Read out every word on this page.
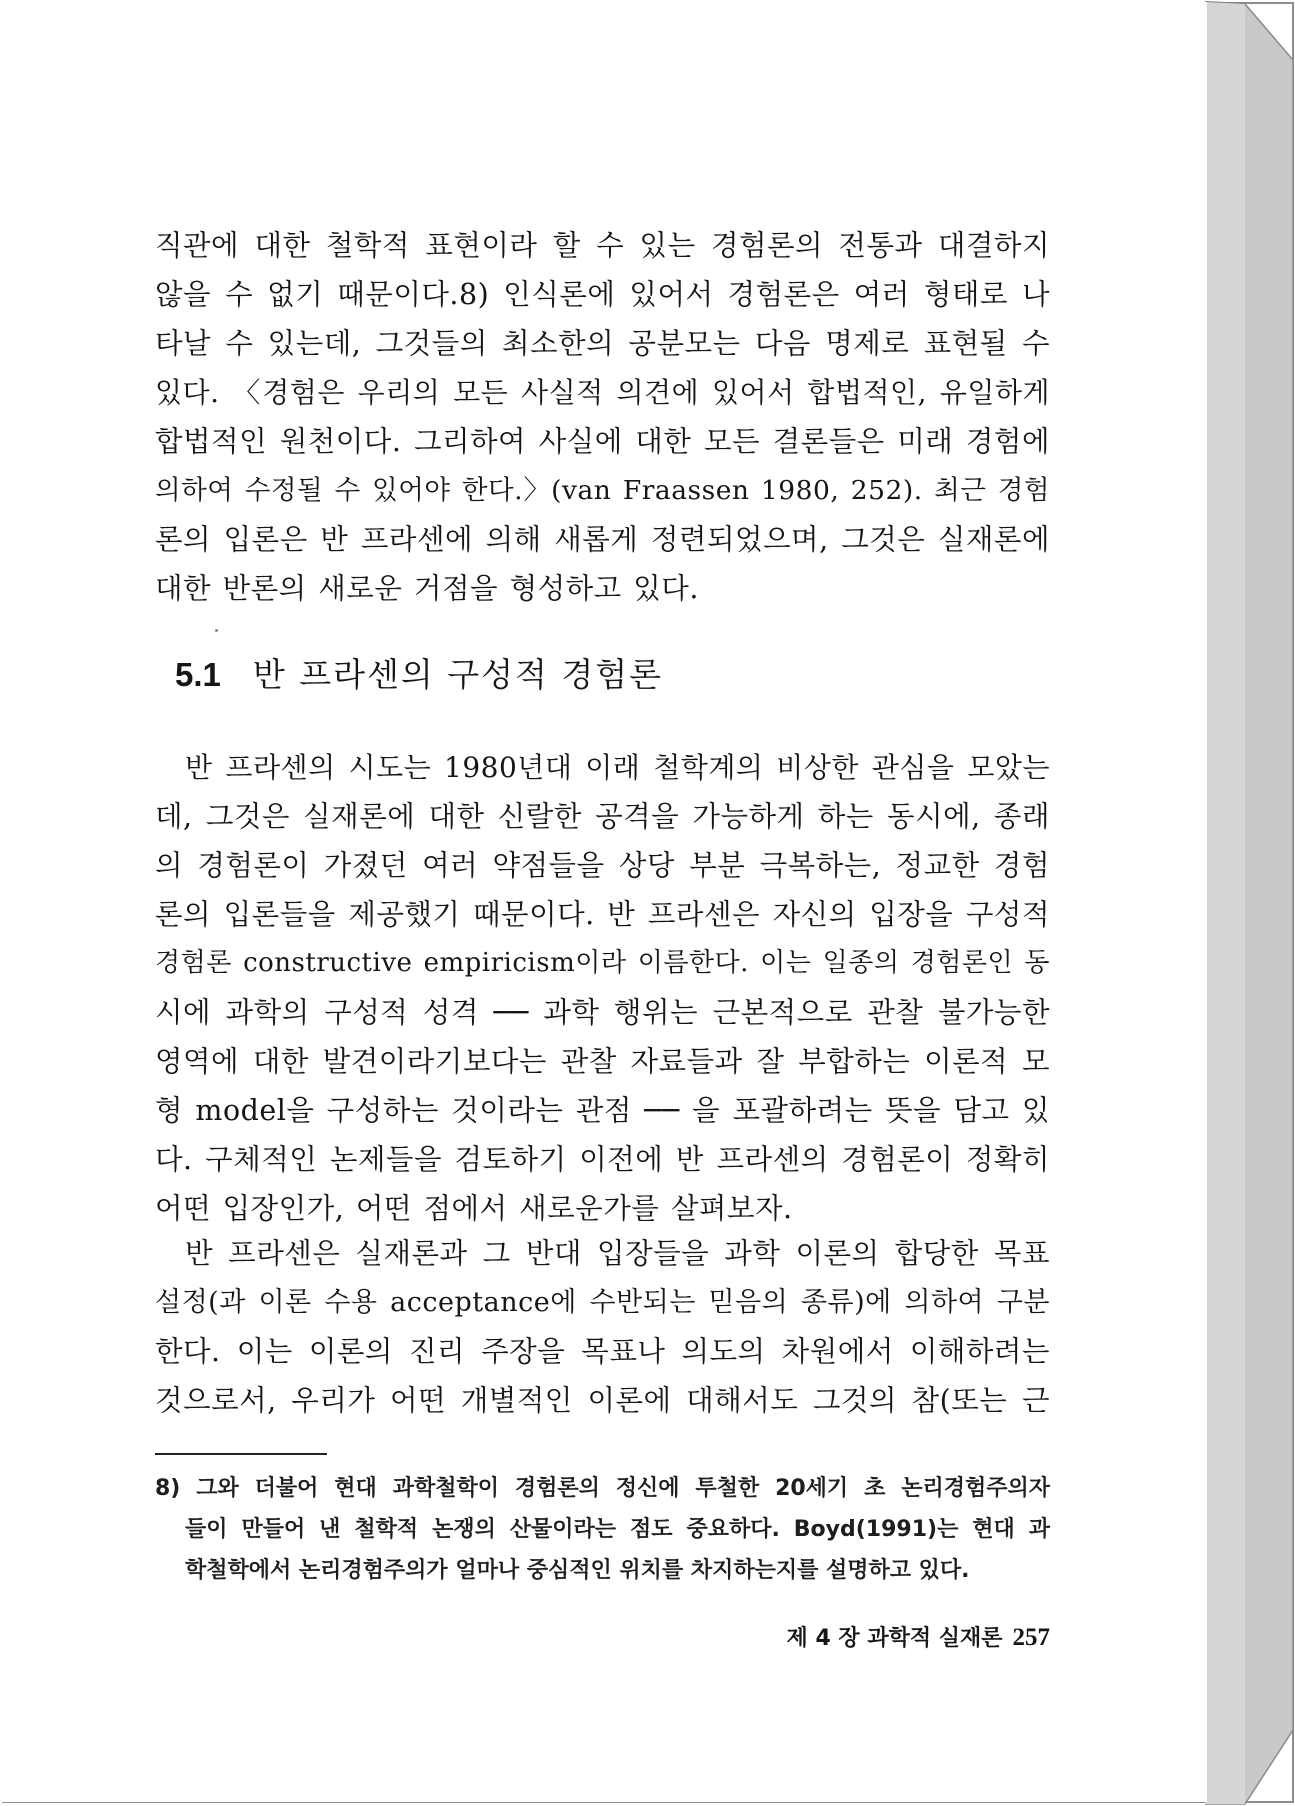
직관에 대한 철학적 표현이라 할 수 있는 경험론의 전통과 대결하지
않을 수 없기 때문이다.8) 인식론에 있어서 경험론은 여러 형태로 나
타날 수 있는데, 그것들의 최소한의 공분모는 다음 명제로 표현될 수
있다. 〈경험은 우리의 모든 사실적 의견에 있어서 합법적인, 유일하게
합법적인 원천이다. 그리하여 사실에 대한 모든 결론들은 미래 경험에
의하여 수정될 수 있어야 한다.〉(van Fraassen 1980, 252). 최근 경험
론의 입론은 반 프라센에 의해 새롭게 정련되었으며, 그것은 실재론에
대한 반론의 새로운 거점을 형성하고 있다.
5.1 반 프라센의 구성적 경험론
반 프라센의 시도는 1980년대 이래 철학계의 비상한 관심을 모았는
데, 그것은 실재론에 대한 신랄한 공격을 가능하게 하는 동시에, 종래
의 경험론이 가졌던 여러 약점들을 상당 부분 극복하는, 정교한 경험
론의 입론들을 제공했기 때문이다. 반 프라센은 자신의 입장을 구성적
경험론 constructive empiricism이라 이름한다. 이는 일종의 경험론인 동
시에 과학의 구성적 성격 ── 과학 행위는 근본적으로 관찰 불가능한
영역에 대한 발견이라기보다는 관찰 자료들과 잘 부합하는 이론적 모
형 model을 구성하는 것이라는 관점 ── 을 포괄하려는 뜻을 담고 있
다. 구체적인 논제들을 검토하기 이전에 반 프라센의 경험론이 정확히
어떤 입장인가, 어떤 점에서 새로운가를 살펴보자.
반 프라센은 실재론과 그 반대 입장들을 과학 이론의 합당한 목표
설정(과 이론 수용 acceptance에 수반되는 믿음의 종류)에 의하여 구분
한다. 이는 이론의 진리 주장을 목표나 의도의 차원에서 이해하려는
것으로서, 우리가 어떤 개별적인 이론에 대해서도 그것의 참(또는 근
8) 그와 더불어 현대 과학철학이 경험론의 정신에 투철한 20세기 초 논리경험주의자
들이 만들어 낸 철학적 논쟁의 산물이라는 점도 중요하다. Boyd(1991)는 현대 과
학철학에서 논리경험주의가 얼마나 중심적인 위치를 차지하는지를 설명하고 있다.
제 4 장 과학적 실재론 257
